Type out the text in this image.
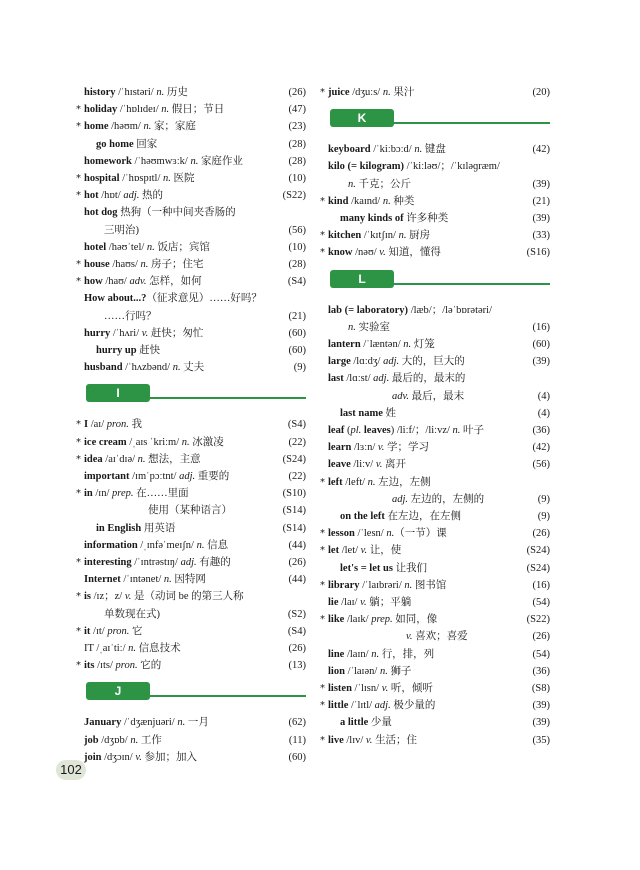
history /ˈhɪstəri/ n. 历史	(26)
* holiday /ˈhɒlɪdeɪ/ n. 假日；节日	(47)
* home /həʊm/ n. 家；家庭	(23)
go home 回家	(28)
homework /ˈhəʊmwɜːk/ n. 家庭作业	(28)
* hospital /ˈhɒspɪtl/ n. 医院	(10)
* hot /hɒt/ adj. 热的	(S22)
hot dog 热狗（一种中间夹香肠的
三明治)	(56)
hotel /həʊˈtel/ n. 饭店；宾馆	(10)
* house /haʊs/ n. 房子；住宅	(28)
* how /haʊ/ adv. 怎样，如何	(S4)
How about...?（征求意见）……好吗？
……行吗？	(21)
hurry /ˈhʌri/ v. 赶快；匆忙	(60)
hurry up 赶快	(60)
husband /ˈhʌzbənd/ n. 丈夫	(9)
I
* I /aɪ/ pron. 我	(S4)
* ice cream /ˌaɪs ˈkriːm/ n. 冰激凌	(22)
* idea /aɪˈdɪə/ n. 想法，主意	(S24)
important /ɪmˈpɔːtnt/ adj. 重要的	(22)
* in /ɪn/ prep. 在……里面	(S10)
使用（某种语言）	(S14)
in English 用英语	(S14)
information /ˌɪnfəˈmeɪʃn/ n. 信息	(44)
* interesting /ˈɪntrəstɪŋ/ adj. 有趣的	(26)
Internet /ˈɪntənet/ n. 因特网	(44)
* is /ɪz；z/ v. 是（动词 be 的第三人称
单数现在式)	(S2)
* it /ɪt/ pron. 它	(S4)
IT /ˌaɪˈtiː/ n. 信息技术	(26)
* its /ɪts/ pron. 它的	(13)
J
January /ˈdʒænjuəri/ n. 一月	(62)
job /dʒɒb/ n. 工作	(11)
join /dʒɔɪn/ v. 参加；加入	(60)
* juice /dʒuːs/ n. 果汁	(20)
K
keyboard /ˈkiːbɔːd/ n. 键盘	(42)
kilo (= kilogram) /ˈkiːləʊ/；/ˈkɪləɡræm/
n. 千克；公斤	(39)
* kind /kaɪnd/ n. 种类	(21)
many kinds of 许多种类	(39)
* kitchen /ˈkɪtʃɪn/ n. 厨房	(33)
* know /nəʊ/ v. 知道，懂得	(S16)
L
lab (= laboratory) /læb/；/ləˈbɒrətəri/
n. 实验室	(16)
lantern /ˈlæntən/ n. 灯笼	(60)
large /lɑːdʒ/ adj. 大的，巨大的	(39)
last /lɑːst/ adj. 最后的，最末的
adv. 最后，最末	(4)
last name 姓	(4)
leaf (pl. leaves) /liːf/；/liːvz/ n. 叶子	(36)
learn /lɜːn/ v. 学；学习	(42)
leave /liːv/ v. 离开	(56)
* left /left/ n. 左边，左侧
adj. 左边的，左侧的	(9)
on the left 在左边，在左侧	(9)
* lesson /ˈlesn/ n.（一节）课	(26)
* let /let/ v. 让，使	(S24)
let's = let us 让我们	(S24)
* library /ˈlaɪbrəri/ n. 图书馆	(16)
lie /laɪ/ v. 躺；平躺	(54)
* like /laɪk/ prep. 如同，像	(S22)
v. 喜欢；喜爱	(26)
line /laɪn/ n. 行，排，列	(54)
lion /ˈlaɪən/ n. 狮子	(36)
* listen /ˈlɪsn/ v. 听，倾听	(S8)
* little /ˈlɪtl/ adj. 极少量的	(39)
a little 少量	(39)
* live /lɪv/ v. 生活；住	(35)
102
